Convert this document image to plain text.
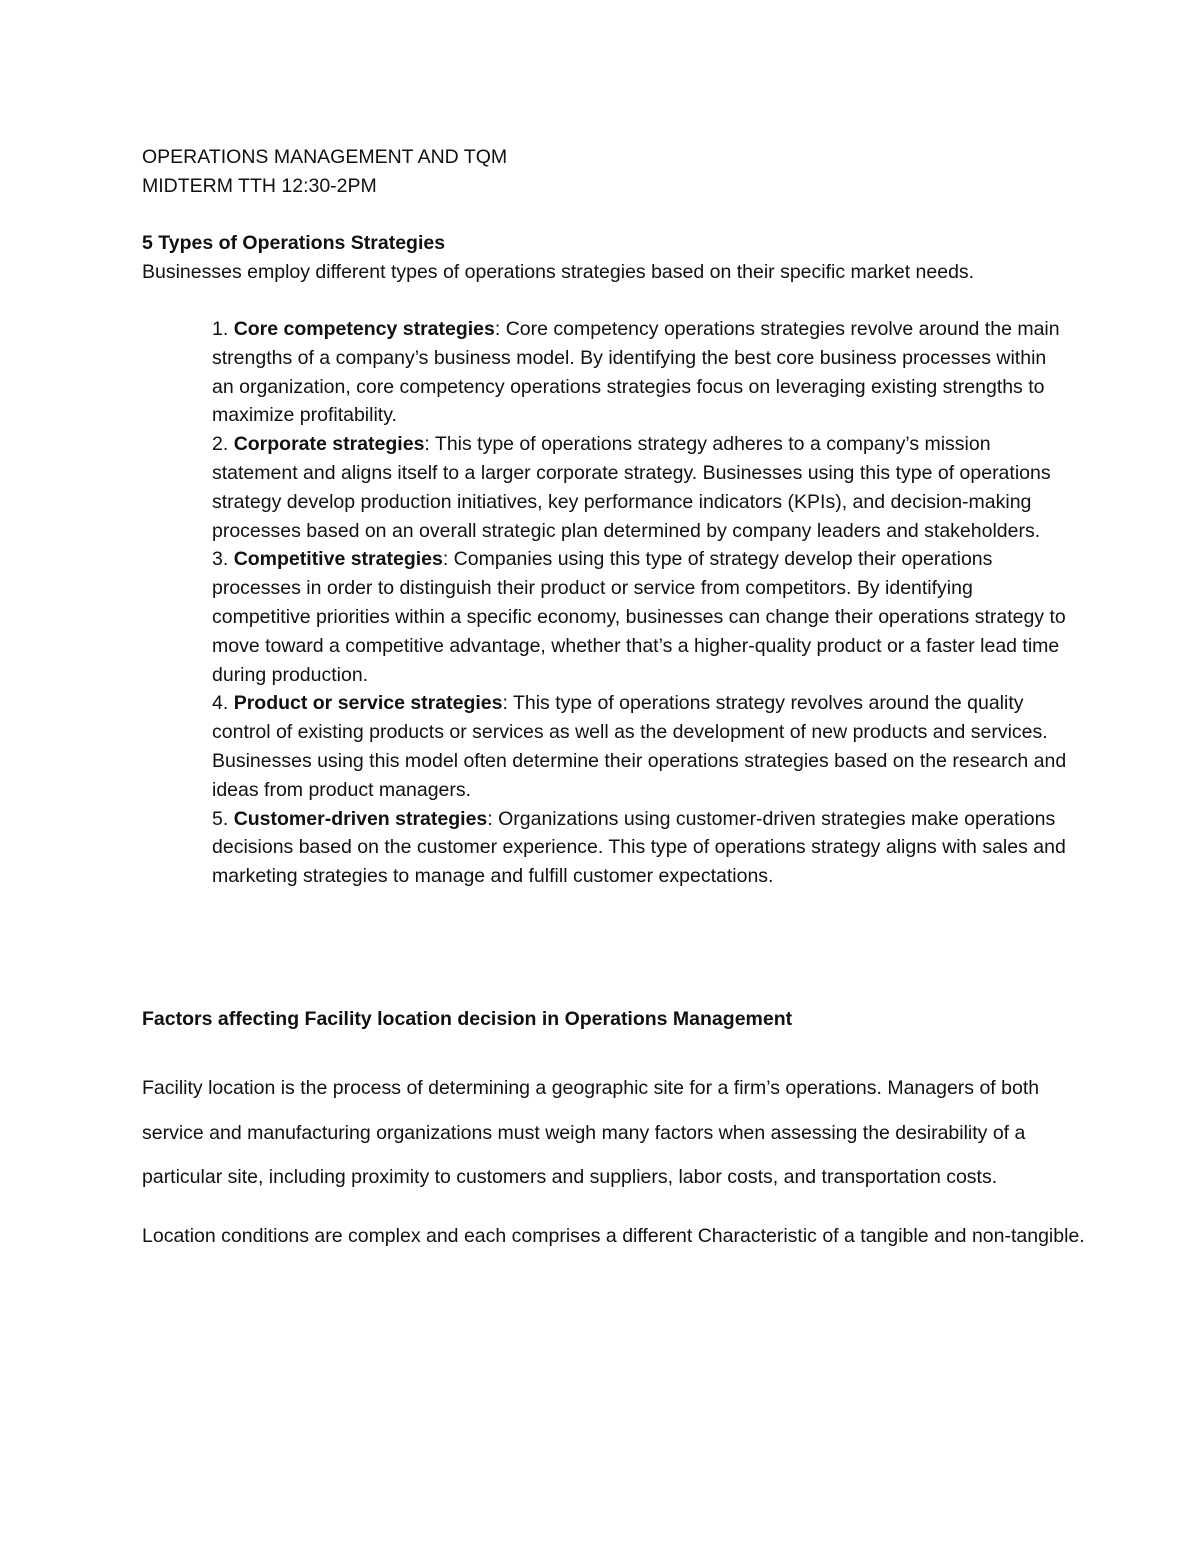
OPERATIONS MANAGEMENT AND TQM
MIDTERM TTH 12:30-2PM
5 Types of Operations Strategies
Businesses employ different types of operations strategies based on their specific market needs.
1. Core competency strategies: Core competency operations strategies revolve around the main strengths of a company’s business model. By identifying the best core business processes within an organization, core competency operations strategies focus on leveraging existing strengths to maximize profitability.
2. Corporate strategies: This type of operations strategy adheres to a company’s mission statement and aligns itself to a larger corporate strategy. Businesses using this type of operations strategy develop production initiatives, key performance indicators (KPIs), and decision-making processes based on an overall strategic plan determined by company leaders and stakeholders.
3. Competitive strategies: Companies using this type of strategy develop their operations processes in order to distinguish their product or service from competitors. By identifying competitive priorities within a specific economy, businesses can change their operations strategy to move toward a competitive advantage, whether that’s a higher-quality product or a faster lead time during production.
4. Product or service strategies: This type of operations strategy revolves around the quality control of existing products or services as well as the development of new products and services. Businesses using this model often determine their operations strategies based on the research and ideas from product managers.
5. Customer-driven strategies: Organizations using customer-driven strategies make operations decisions based on the customer experience. This type of operations strategy aligns with sales and marketing strategies to manage and fulfill customer expectations.
Factors affecting Facility location decision in Operations Management

Facility location is the process of determining a geographic site for a firm’s operations. Managers of both service and manufacturing organizations must weigh many factors when assessing the desirability of a particular site, including proximity to customers and suppliers, labor costs, and transportation costs.

Location conditions are complex and each comprises a different Characteristic of a tangible and non-tangible.
